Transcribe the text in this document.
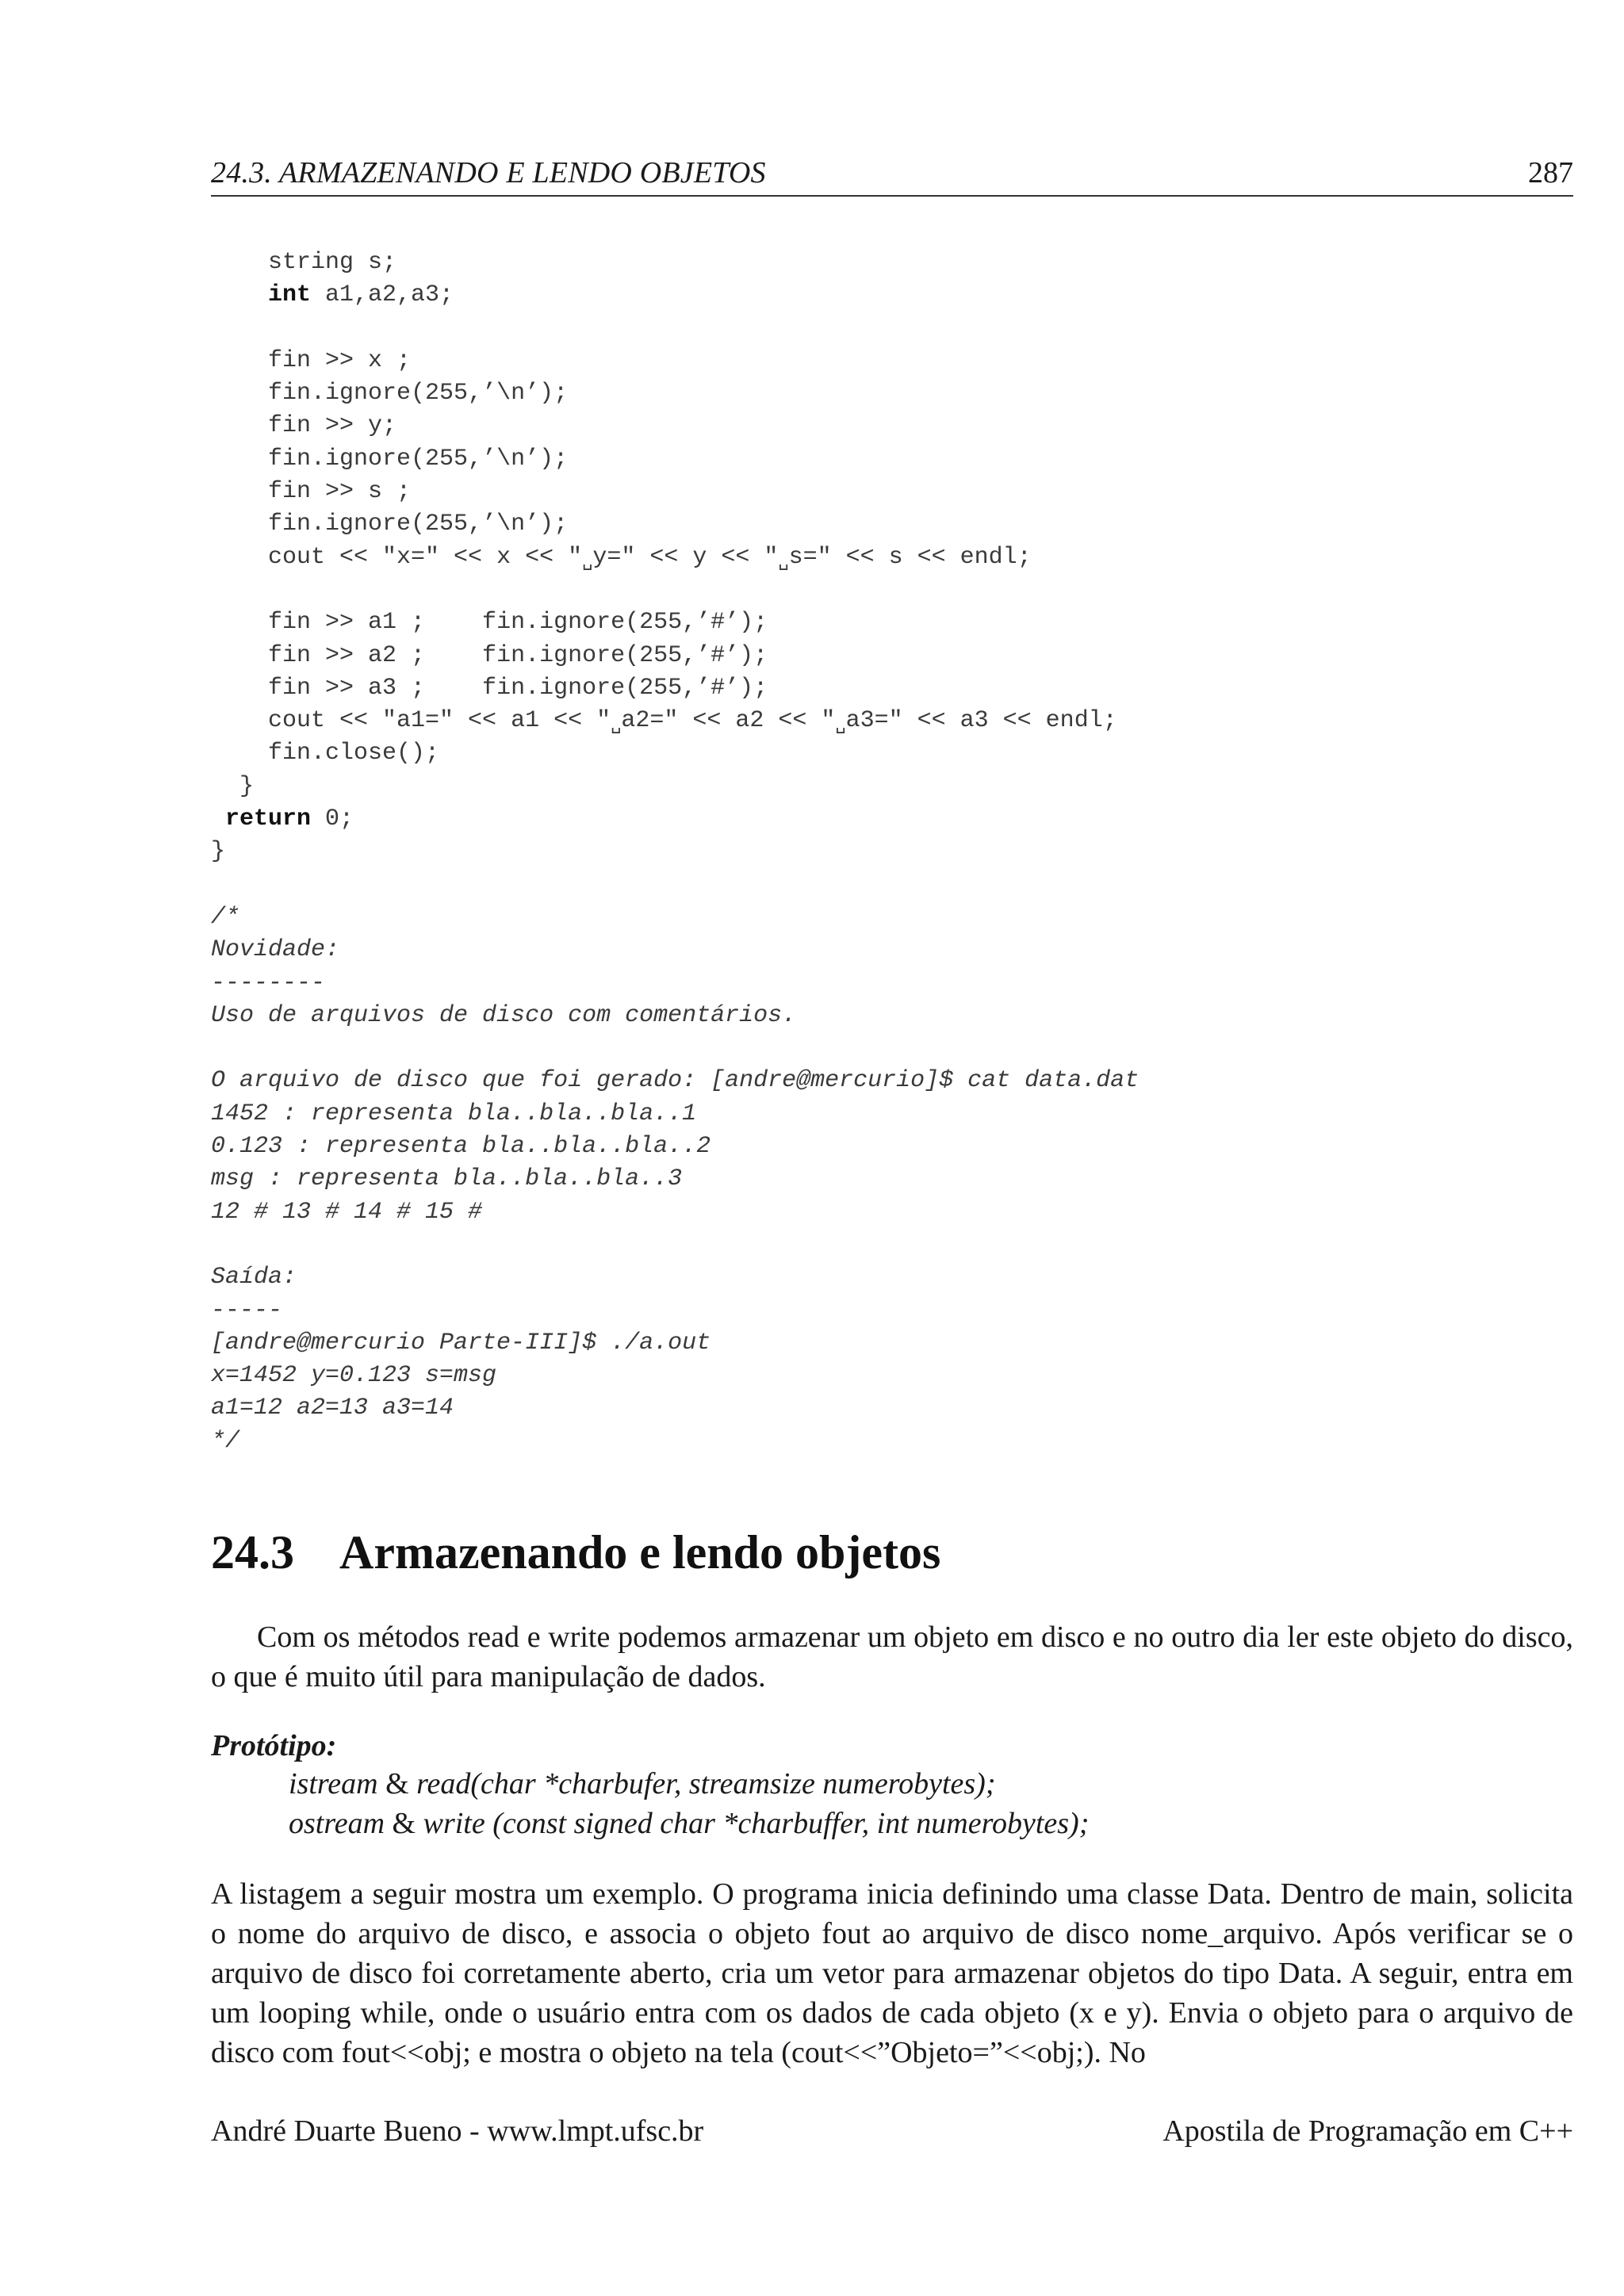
24.3. ARMAZENANDO E LENDO OBJETOS	287
string s;
int a1,a2,a3;
fin >> x ;
fin.ignore(255,’\n’);
fin >> y;
fin.ignore(255,’\n’);
fin >> s ;
fin.ignore(255,’\n’);
cout << "x=" << x << "␣y=" << y << "␣s=" << s << endl;
fin >> a1 ;    fin.ignore(255,’#’);
fin >> a2 ;    fin.ignore(255,’#’);
fin >> a3 ;    fin.ignore(255,’#’);
cout << "a1=" << a1 << "␣a2=" << a2 << "␣a3=" << a3 << endl;
fin.close();
}
return 0;
}
/*
Novidade:
--------
Uso de arquivos de disco com comentários.
O arquivo de disco que foi gerado: [andre@mercurio]$ cat data.dat
1452 : representa bla..bla..bla..1
0.123 : representa bla..bla..bla..2
msg : representa bla..bla..bla..3
12 # 13 # 14 # 15 #
Saída:
-----
[andre@mercurio Parte-III]$ ./a.out
x=1452 y=0.123 s=msg
a1=12 a2=13 a3=14
*/
24.3 Armazenando e lendo objetos

Com os métodos read e write podemos armazenar um objeto em disco e no outro dia ler este objeto do disco, o que é muito útil para manipulação de dados.

Protótipo:

istream & read(char *charbufer, streamsize numerobytes);

ostream & write (const signed char *charbuffer, int numerobytes);

A listagem a seguir mostra um exemplo. O programa inicia definindo uma classe Data. Dentro de main, solicita o nome do arquivo de disco, e associa o objeto fout ao arquivo de disco nome_arquivo. Após verificar se o arquivo de disco foi corretamente aberto, cria um vetor para armazenar objetos do tipo Data. A seguir, entra em um looping while, onde o usuário entra com os dados de cada objeto (x e y). Envia o objeto para o arquivo de disco com fout<<obj; e mostra o objeto na tela (cout<<”Objeto=”<<obj;). No

André Duarte Bueno - www.lmpt.ufsc.br	Apostila de Programação em C++
